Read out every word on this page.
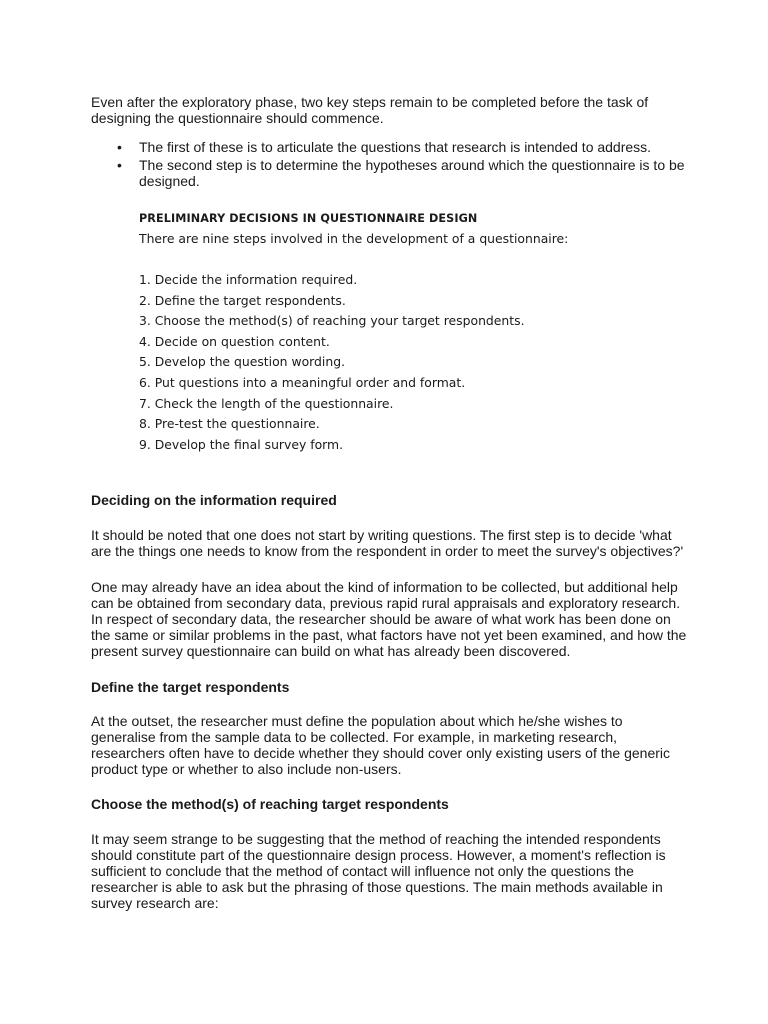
Even after the exploratory phase, two key steps remain to be completed before the task of designing the questionnaire should commence.

• The first of these is to articulate the questions that research is intended to address.
• The second step is to determine the hypotheses around which the questionnaire is to be designed.

PRELIMINARY DECISIONS IN QUESTIONNAIRE DESIGN

There are nine steps involved in the development of a questionnaire:

1. Decide the information required.
2. Define the target respondents.
3. Choose the method(s) of reaching your target respondents.
4. Decide on question content.
5. Develop the question wording.
6. Put questions into a meaningful order and format.
7. Check the length of the questionnaire.
8. Pre-test the questionnaire.
9. Develop the final survey form.

Deciding on the information required

It should be noted that one does not start by writing questions. The first step is to decide 'what are the things one needs to know from the respondent in order to meet the survey's objectives?'

One may already have an idea about the kind of information to be collected, but additional help can be obtained from secondary data, previous rapid rural appraisals and exploratory research. In respect of secondary data, the researcher should be aware of what work has been done on the same or similar problems in the past, what factors have not yet been examined, and how the present survey questionnaire can build on what has already been discovered.

Define the target respondents

At the outset, the researcher must define the population about which he/she wishes to generalise from the sample data to be collected. For example, in marketing research, researchers often have to decide whether they should cover only existing users of the generic product type or whether to also include non-users.

Choose the method(s) of reaching target respondents

It may seem strange to be suggesting that the method of reaching the intended respondents should constitute part of the questionnaire design process. However, a moment's reflection is sufficient to conclude that the method of contact will influence not only the questions the researcher is able to ask but the phrasing of those questions. The main methods available in survey research are:
